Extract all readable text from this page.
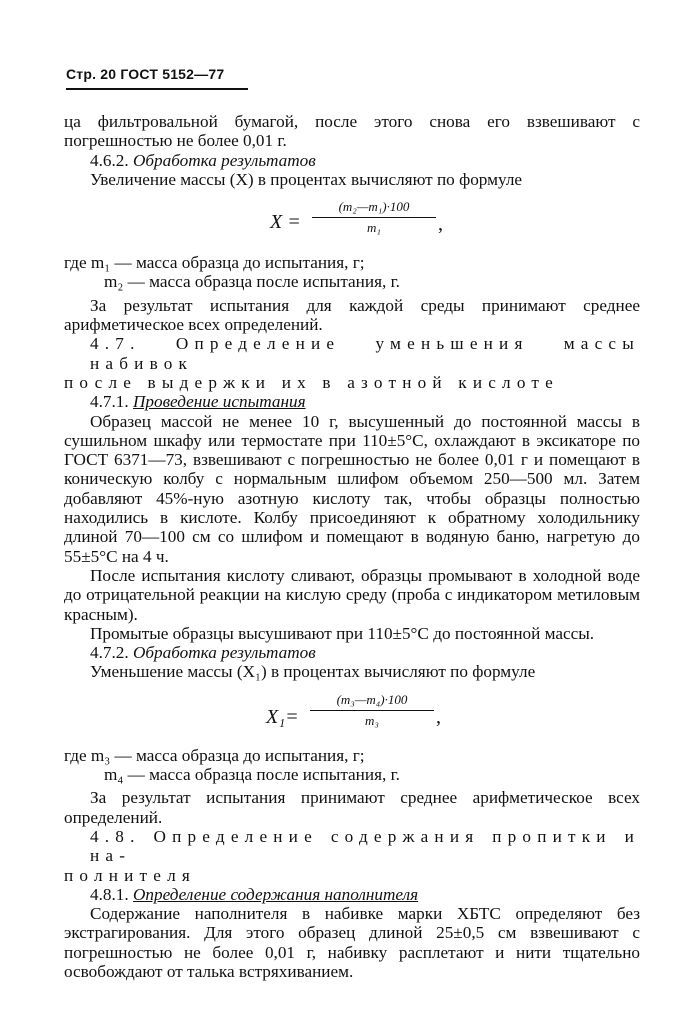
Стр. 20 ГОСТ 5152—77

ца фильтровальной бумагой, после этого снова его взвешивают с погрешностью не более 0,01 г.

4.6.2. Обработка результатов

Увеличение массы (X) в процентах вычисляют по формуле

X =
(m₂—m₁)·100
m₁	,

где m₁ — масса образца до испытания, г;

m₂ — масса образца после испытания, г.

За результат испытания для каждой среды принимают среднее арифметическое всех определений.

4.7. Определение уменьшения массы набивок

после выдержки их в азотной кислоте

4.7.1. Проведение испытания

Образец массой не менее 10 г, высушенный до постоянной массы в сушильном шкафу или термостате при 110±5°С, охлаждают в эксикаторе по ГОСТ 6371—73, взвешивают с погрешностью не более 0,01 г и помещают в коническую колбу с нормальным шлифом объемом 250—500 мл. Затем добавляют 45%-ную азотную кислоту так, чтобы образцы полностью находились в кислоте. Колбу присоединяют к обратному холодильнику длиной 70—100 см со шлифом и помещают в водяную баню, нагретую до 55±5°С на 4 ч.

После испытания кислоту сливают, образцы промывают в холодной воде до отрицательной реакции на кислую среду (проба с индикатором метиловым красным).

Промытые образцы высушивают при 110±5°С до постоянной массы.

4.7.2. Обработка результатов

Уменьшение массы (X₁) в процентах вычисляют по формуле

X₁=
(m₃—m₄)·100
m₃	,

где m₃ — масса образца до испытания, г;

m₄ — масса образца после испытания, г.

За результат испытания принимают среднее арифметическое всех определений.

4.8. Определение содержания пропитки и на-

полнителя

4.8.1. Определение содержания наполнителя

Содержание наполнителя в набивке марки ХБТС определяют без экстрагирования. Для этого образец длиной 25±0,5 см взвешивают с погрешностью не более 0,01 г, набивку расплетают и нити тщательно освобождают от талька встряхиванием.
